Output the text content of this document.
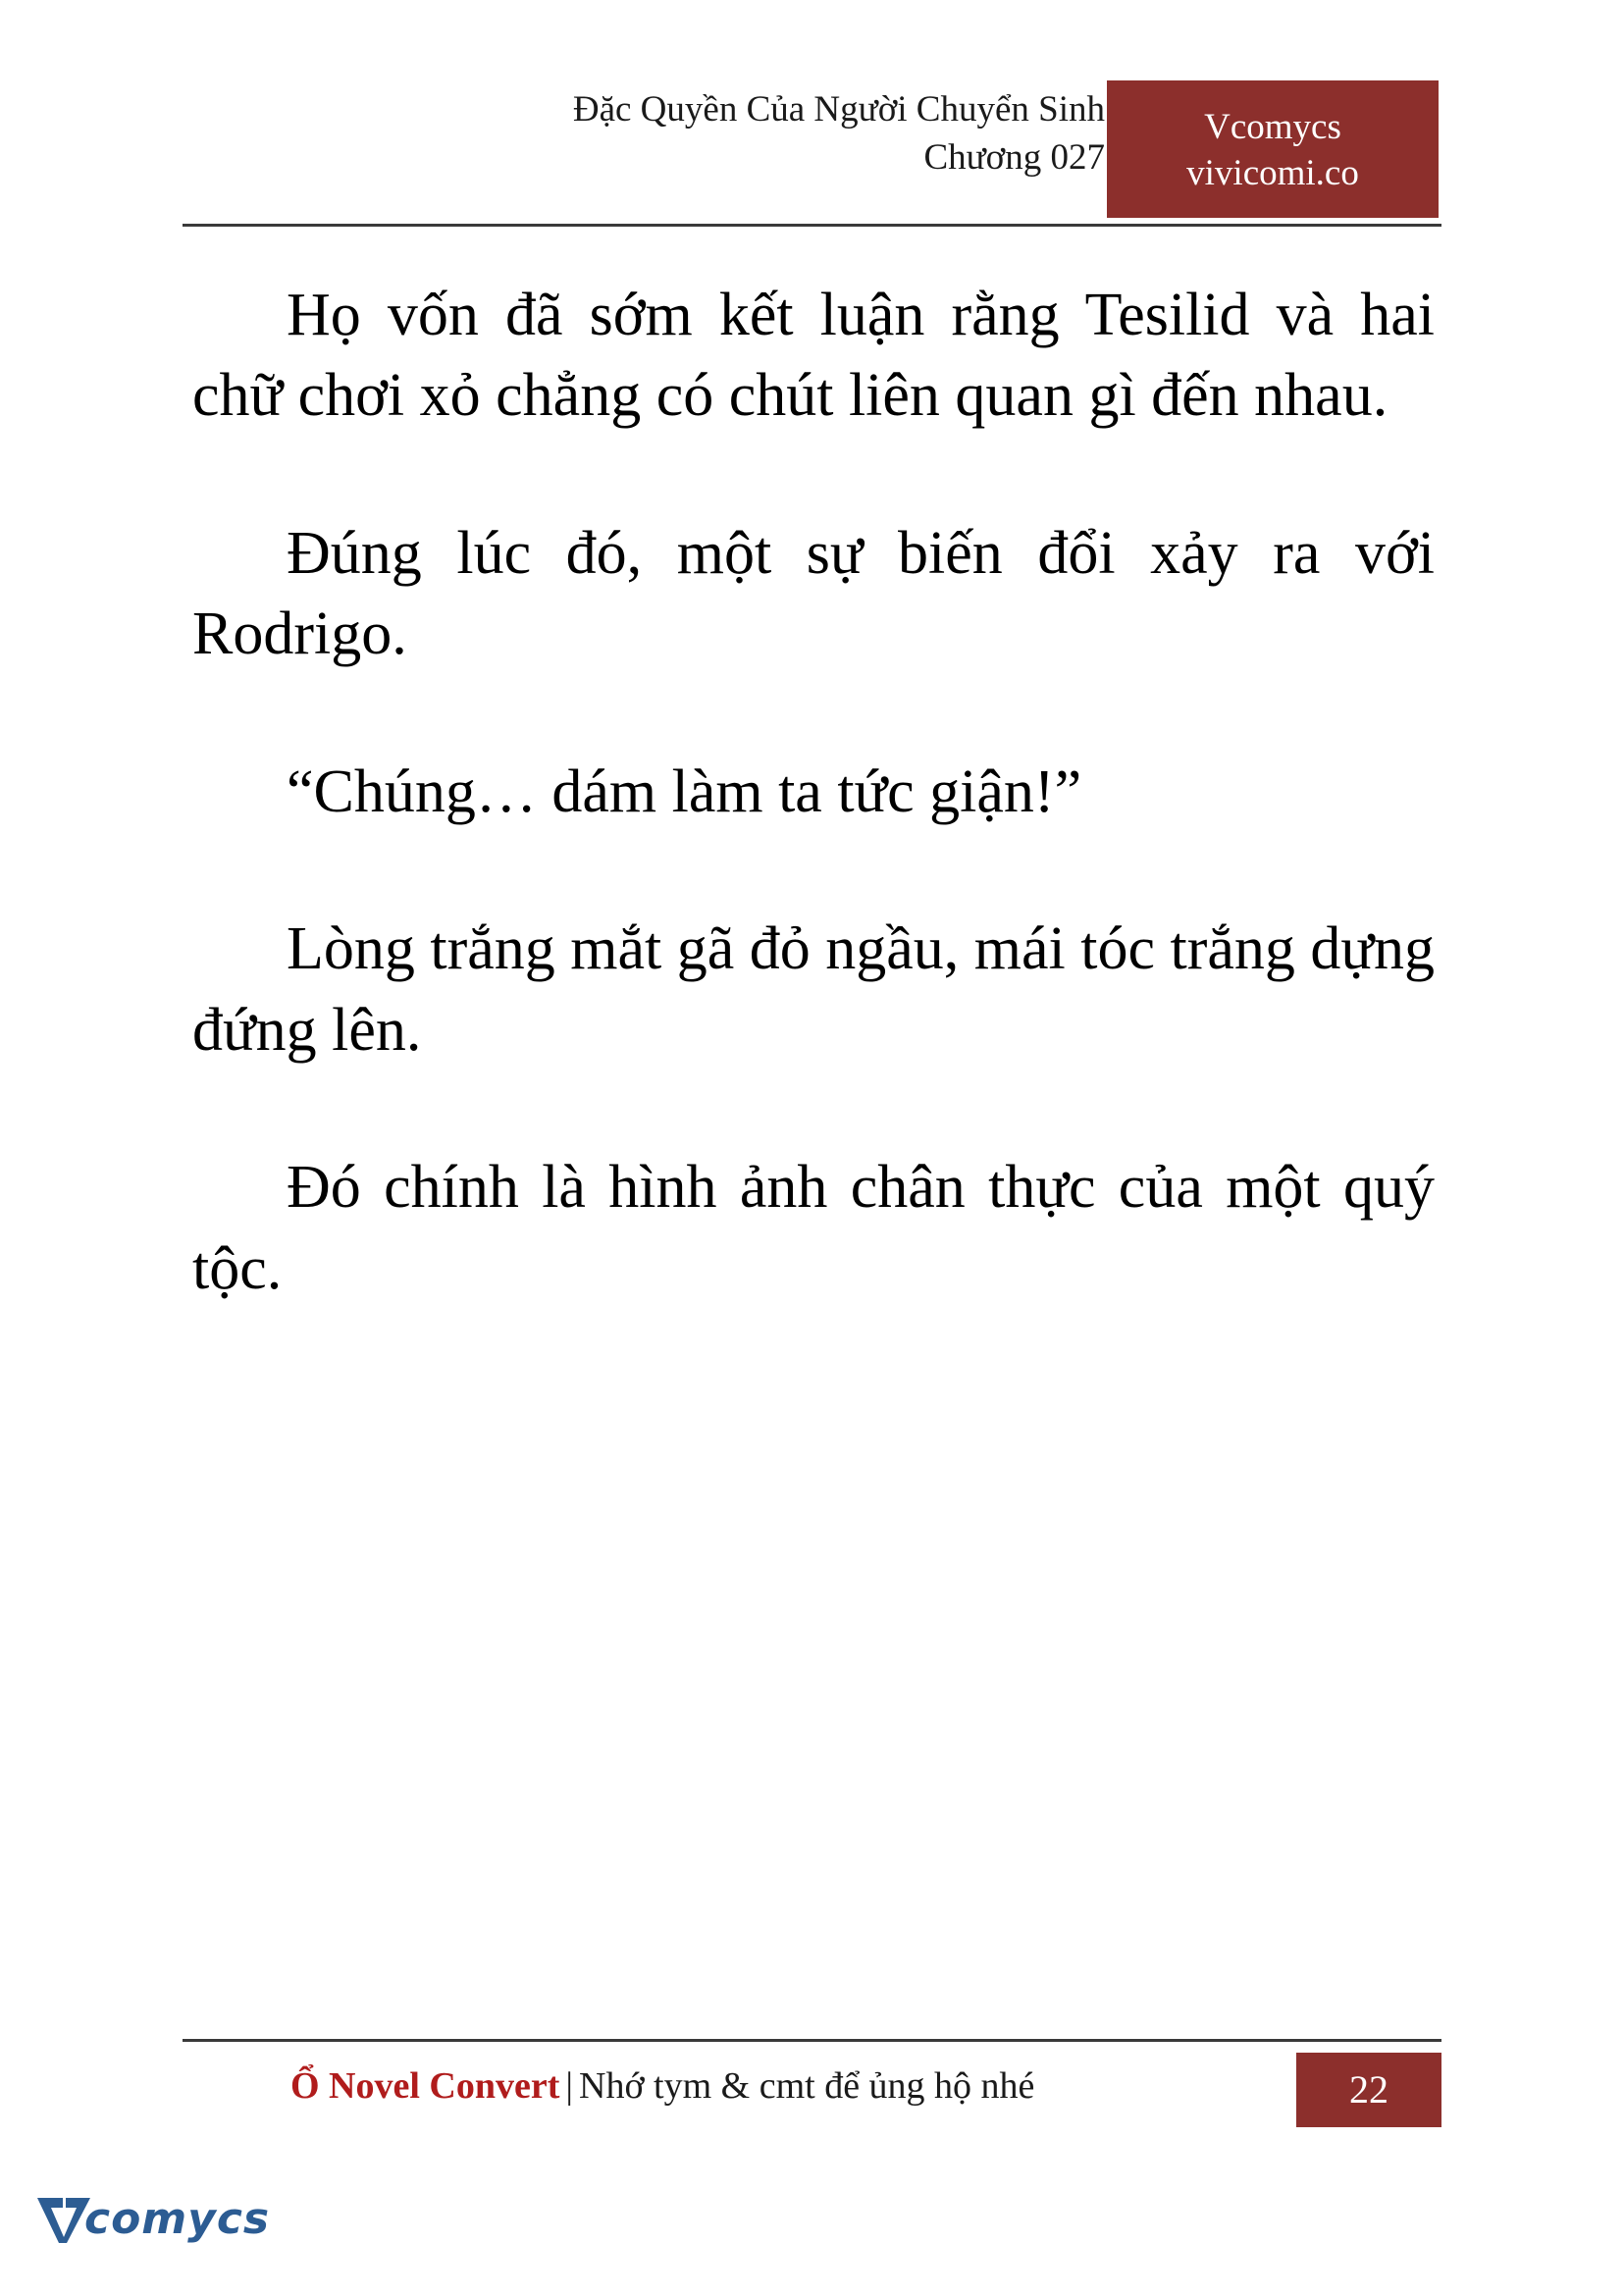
Đặc Quyền Của Người Chuyển Sinh
Chương 027
Vcomycs
vivicomi.co

Họ vốn đã sớm kết luận rằng Tesilid và hai chữ chơi xỏ chẳng có chút liên quan gì đến nhau.

Đúng lúc đó, một sự biến đổi xảy ra với Rodrigo.

“Chúng… dám làm ta tức giận!”

Lòng trắng mắt gã đỏ ngầu, mái tóc trắng dựng đứng lên.

Đó chính là hình ảnh chân thực của một quý tộc.

Ổ Novel Convert | Nhớ tym & cmt để ủng hộ nhé	22
comycs
